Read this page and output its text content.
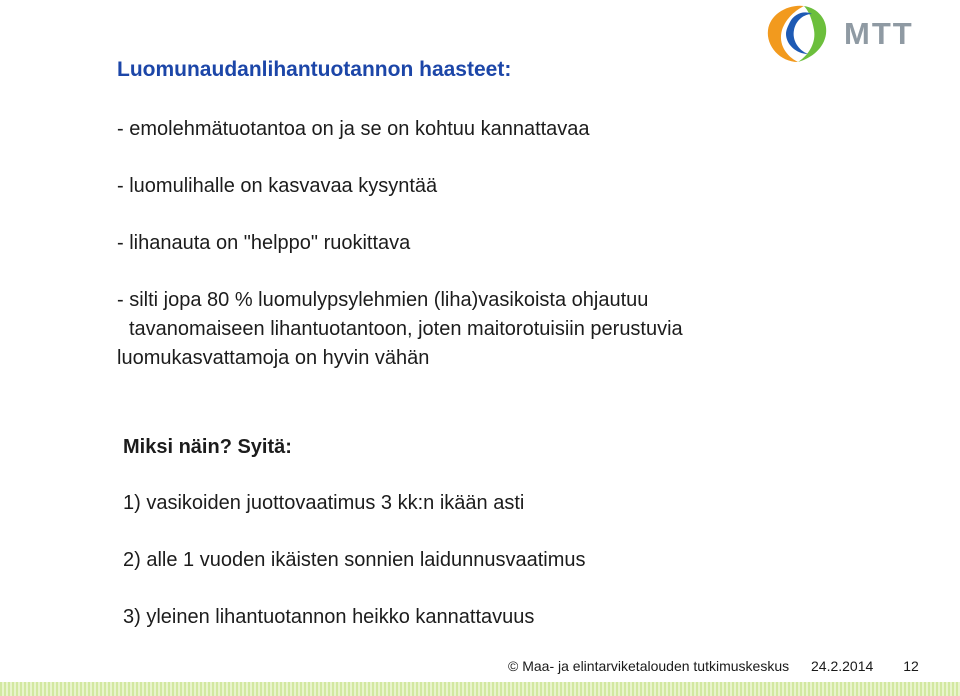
MTT
Luomunaudanlihantuotannon haasteet:
- emolehmätuotantoa on ja se on kohtuu kannattavaa
- luomulihalle on kasvavaa kysyntää
- lihanauta on "helppo" ruokittava
- silti jopa 80 % luomulypsylehmien (liha)vasikoista ohjautuu
tavanomaiseen lihantuotantoon, joten maitorotuisiin perustuvia
luomukasvattamoja on hyvin vähän
Miksi näin? Syitä:
1) vasikoiden juottovaatimus 3 kk:n ikään asti
2) alle 1 vuoden ikäisten sonnien laidunnusvaatimus
3) yleinen lihantuotannon heikko kannattavuus
© Maa- ja elintarviketalouden tutkimuskeskus 24.2.2014 12
